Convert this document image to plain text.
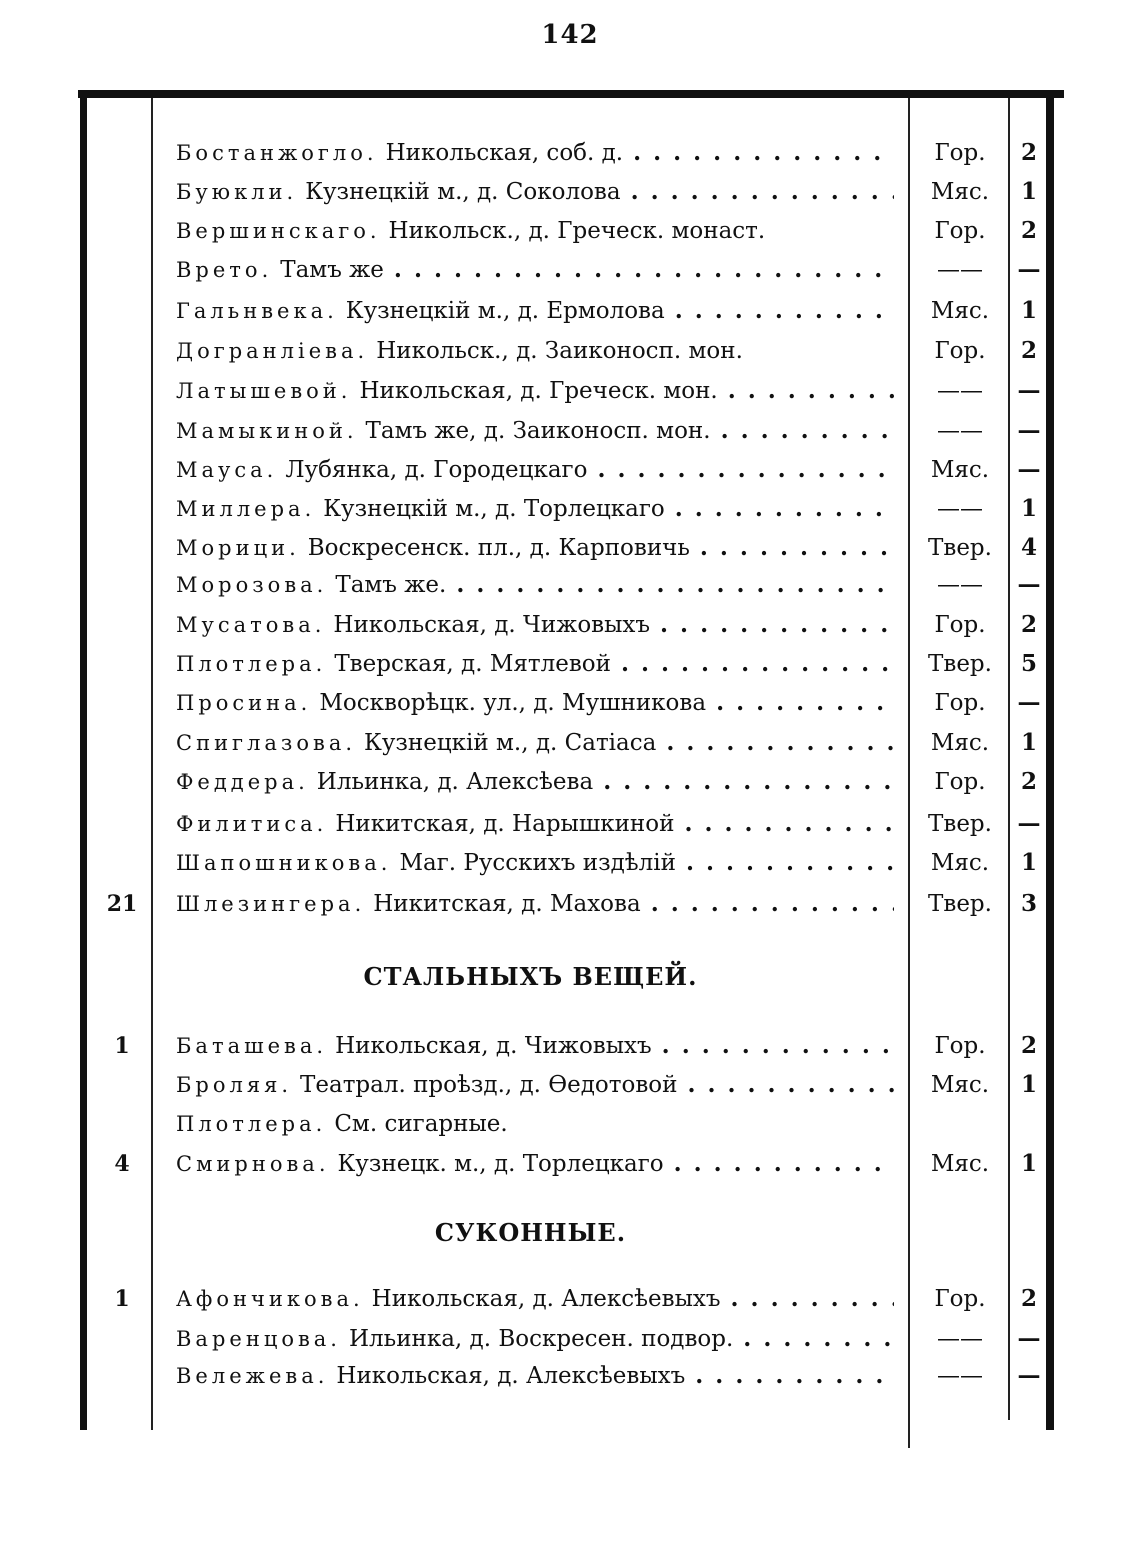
142
Бостанжогло. Никольская, соб. д. . . .	Гор.	2
Буюкли. Кузнецкій м., д. Соколова . . .	Мяс.	1
Вершинскаго. Никольск., д. Греческ. монаст.	Гор.	2
Врето. Тамъ же . . .	——	—
Гальнвека. Кузнецкій м., д. Ермолова . . .	Мяс.	1
Догранліева. Никольск., д. Заиконосп. мон.	Гор.	2
Латышевой. Никольская, д. Греческ. мон. . . .	——	—
Мамыкиной. Тамъ же, д. Заиконосп. мон. . . .	——	—
Мауса. Лубянка, д. Городецкаго . . .	Мяс.	—
Миллера. Кузнецкій м., д. Торлецкаго . . .	——	1
Морици. Воскресенск. пл., д. Карповичь . . .	Твер.	4
Морозова. Тамъ же. . . .	——	—
Мусатова. Никольская, д. Чижовыхъ . . .	Гор.	2
Плотлера. Тверская, д. Мятлевой . . .	Твер.	5
Просина. Москворѣцк. ул., д. Мушникова . . .	Гор.	—
Спиглазова. Кузнецкій м., д. Сатіаса . . .	Мяс.	1
Феддера. Ильинка, д. Алексѣева . . .	Гор.	2
Филитиса. Никитская, д. Нарышкиной . . .	Твер.	—
Шапошникова. Маг. Русскихъ издѣлій . . .	Мяс.	1
21	Шлезингера. Никитская, д. Махова . . .	Твер.	3
СТАЛЬНЫХЪ ВЕЩЕЙ.
1	Баташева. Никольская, д. Чижовыхъ . . .	Гор.	2
Броляя. Театрал. проѣзд., д. Өедотовой . . .	Мяс.	1
Плотлера. См. сигарные.
4	Смирнова. Кузнецк. м., д. Торлецкаго . . .	Мяс.	1
СУКОННЫЕ.
1	Афончикова. Никольская, д. Алексѣевыхъ . . .	Гор.	2
Варенцова. Ильинка, д. Воскресен. подвор. . . .	——	—
Вележева. Никольская, д. Алексѣевыхъ . . .	——	—
